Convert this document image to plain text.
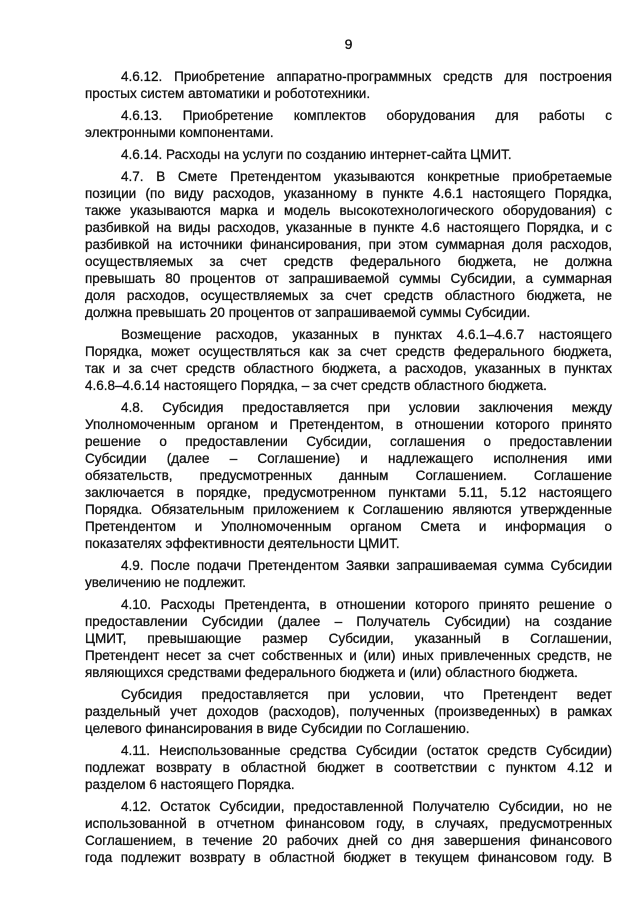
9
4.6.12. Приобретение аппаратно-программных средств для построения
простых систем автоматики и робототехники.
4.6.13. Приобретение комплектов оборудования для работы с
электронными компонентами.
4.6.14. Расходы на услуги по созданию интернет-сайта ЦМИТ.
4.7. В Смете Претендентом указываются конкретные приобретаемые
позиции (по виду расходов, указанному в пункте 4.6.1 настоящего Порядка,
также указываются марка и модель высокотехнологического оборудования) с
разбивкой на виды расходов, указанные в пункте 4.6 настоящего Порядка, и с
разбивкой на источники финансирования, при этом суммарная доля расходов,
осуществляемых за счет средств федерального бюджета, не должна
превышать 80 процентов от запрашиваемой суммы Субсидии, а суммарная
доля расходов, осуществляемых за счет средств областного бюджета, не
должна превышать 20 процентов от запрашиваемой суммы Субсидии.
Возмещение расходов, указанных в пунктах 4.6.1–4.6.7 настоящего
Порядка, может осуществляться как за счет средств федерального бюджета,
так и за счет средств областного бюджета, а расходов, указанных в пунктах
4.6.8–4.6.14 настоящего Порядка, – за счет средств областного бюджета.
4.8. Субсидия предоставляется при условии заключения между
Уполномоченным органом и Претендентом, в отношении которого принято
решение о предоставлении Субсидии, соглашения о предоставлении
Субсидии (далее – Соглашение) и надлежащего исполнения ими
обязательств, предусмотренных данным Соглашением. Соглашение
заключается в порядке, предусмотренном пунктами 5.11, 5.12 настоящего
Порядка. Обязательным приложением к Соглашению являются утвержденные
Претендентом и Уполномоченным органом Смета и информация о
показателях эффективности деятельности ЦМИТ.
4.9. После подачи Претендентом Заявки запрашиваемая сумма Субсидии
увеличению не подлежит.
4.10. Расходы Претендента, в отношении которого принято решение о
предоставлении Субсидии (далее – Получатель Субсидии) на создание
ЦМИТ, превышающие размер Субсидии, указанный в Соглашении,
Претендент несет за счет собственных и (или) иных привлеченных средств, не
являющихся средствами федерального бюджета и (или) областного бюджета.
Субсидия предоставляется при условии, что Претендент ведет
раздельный учет доходов (расходов), полученных (произведенных) в рамках
целевого финансирования в виде Субсидии по Соглашению.
4.11. Неиспользованные средства Субсидии (остаток средств Субсидии)
подлежат возврату в областной бюджет в соответствии с пунктом 4.12 и
разделом 6 настоящего Порядка.
4.12. Остаток Субсидии, предоставленной Получателю Субсидии, но не
использованной в отчетном финансовом году, в случаях, предусмотренных
Соглашением, в течение 20 рабочих дней со дня завершения финансового
года подлежит возврату в областной бюджет в текущем финансовом году. В
